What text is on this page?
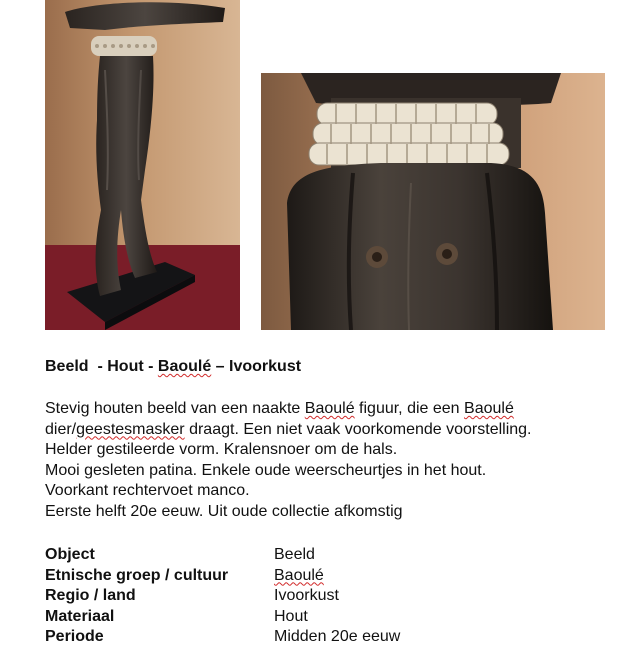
Beeld  - Hout - Baoulé – Ivoorkust
Stevig houten beeld van een naakte Baoulé figuur, die een Baoulé
dier/geestesmasker draagt. Een niet vaak voorkomende voorstelling.
Helder gestileerde vorm. Kralensnoer om de hals.
Mooi gesleten patina. Enkele oude weerscheurtjes in het hout.
Voorkant rechtervoet manco.
Eerste helft 20e eeuw. Uit oude collectie afkomstig
Object	Beeld
Etnische groep / cultuur	Baoulé
Regio / land	Ivoorkust
Materiaal	Hout
Periode	Midden 20e eeuw
